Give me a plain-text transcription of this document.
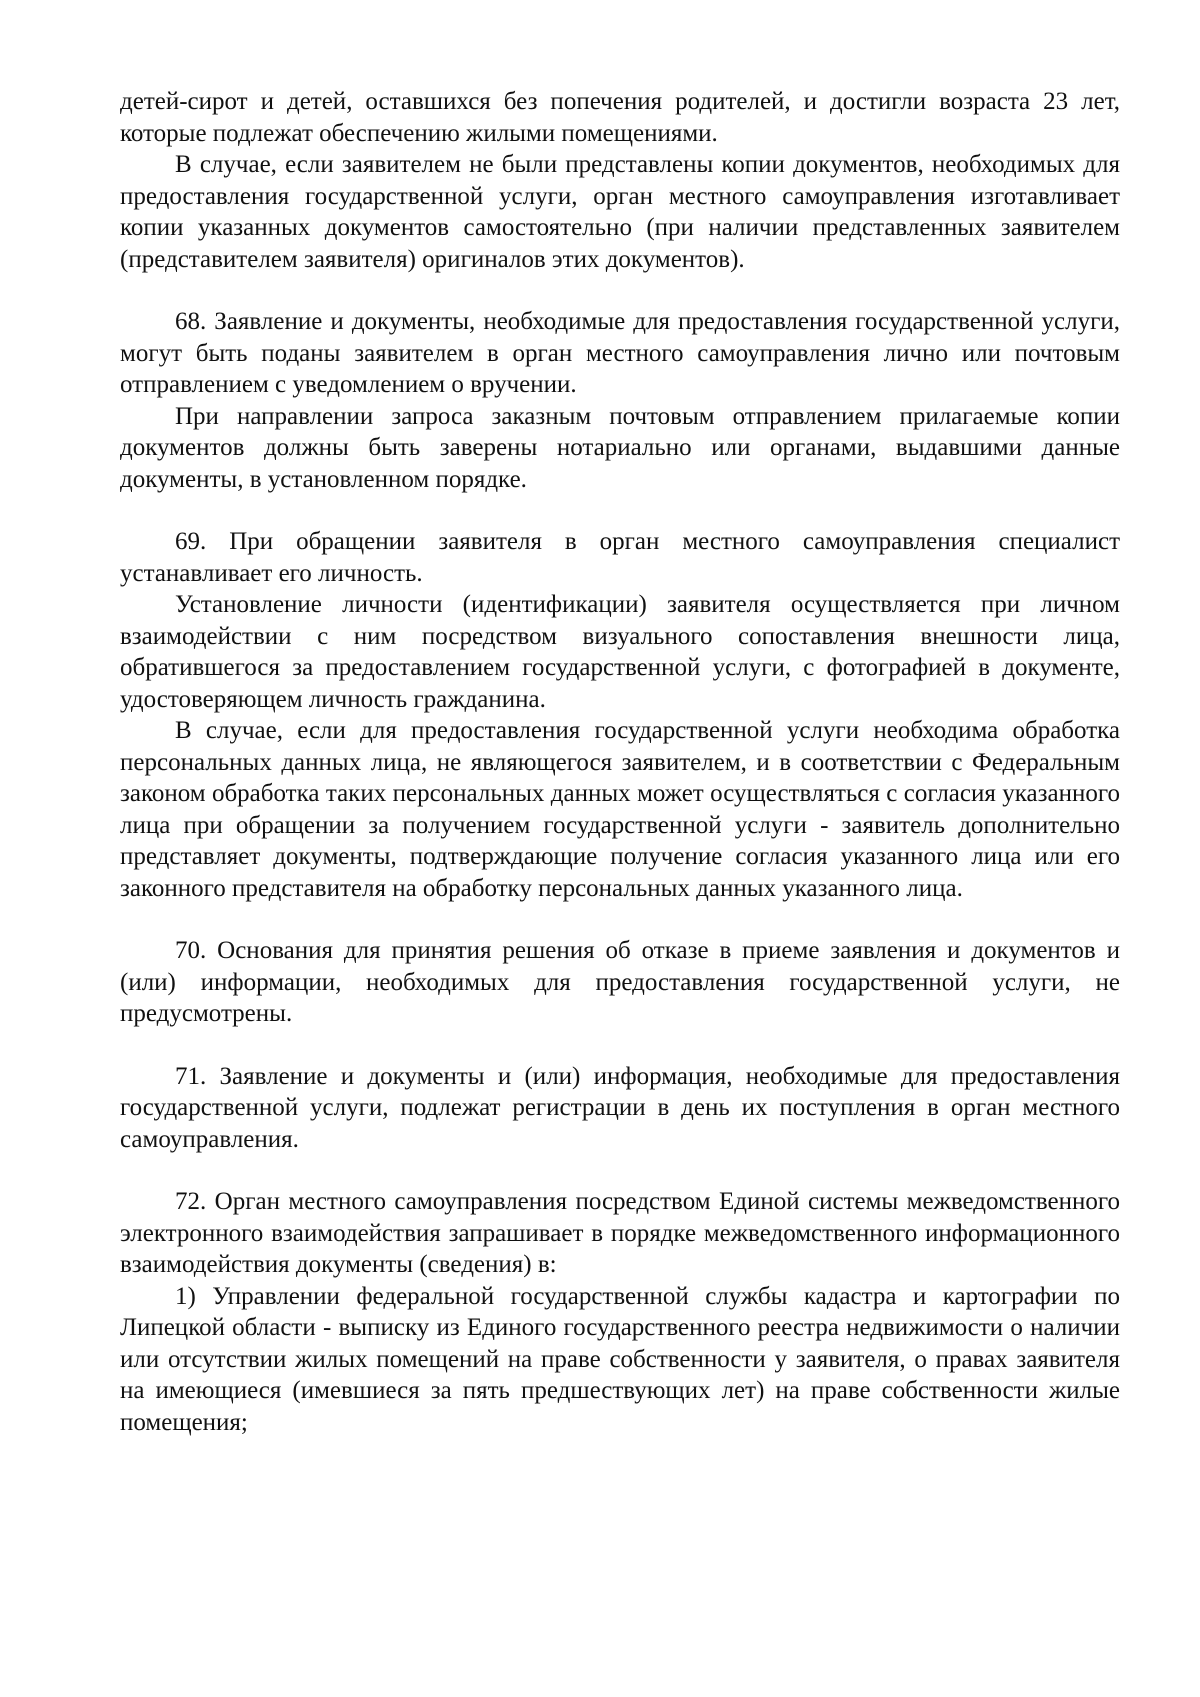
детей-сирот и детей, оставшихся без попечения родителей, и достигли возраста 23 лет, которые подлежат обеспечению жилыми помещениями.

В случае, если заявителем не были представлены копии документов, необходимых для предоставления государственной услуги, орган местного самоуправления изготавливает копии указанных документов самостоятельно (при наличии представленных заявителем (представителем заявителя) оригиналов этих документов).

68. Заявление и документы, необходимые для предоставления государственной услуги, могут быть поданы заявителем в орган местного самоуправления лично или почтовым отправлением с уведомлением о вручении.

При направлении запроса заказным почтовым отправлением прилагаемые копии документов должны быть заверены нотариально или органами, выдавшими данные документы, в установленном порядке.

69. При обращении заявителя в орган местного самоуправления специалист устанавливает его личность.

Установление личности (идентификации) заявителя осуществляется при личном взаимодействии с ним посредством визуального сопоставления внешности лица, обратившегося за предоставлением государственной услуги, с фотографией в документе, удостоверяющем личность гражданина.

В случае, если для предоставления государственной услуги необходима обработка персональных данных лица, не являющегося заявителем, и в соответствии с Федеральным законом обработка таких персональных данных может осуществляться с согласия указанного лица при обращении за получением государственной услуги - заявитель дополнительно представляет документы, подтверждающие получение согласия указанного лица или его законного представителя на обработку персональных данных указанного лица.

70. Основания для принятия решения об отказе в приеме заявления и документов и (или) информации, необходимых для предоставления государственной услуги, не предусмотрены.

71. Заявление и документы и (или) информация, необходимые для предоставления государственной услуги, подлежат регистрации в день их поступления в орган местного самоуправления.

72. Орган местного самоуправления посредством Единой системы межведомственного электронного взаимодействия запрашивает в порядке межведомственного информационного взаимодействия документы (сведения) в:

1) Управлении федеральной государственной службы кадастра и картографии по Липецкой области - выписку из Единого государственного реестра недвижимости о наличии или отсутствии жилых помещений на праве собственности у заявителя, о правах заявителя на имеющиеся (имевшиеся за пять предшествующих лет) на праве собственности жилые помещения;
